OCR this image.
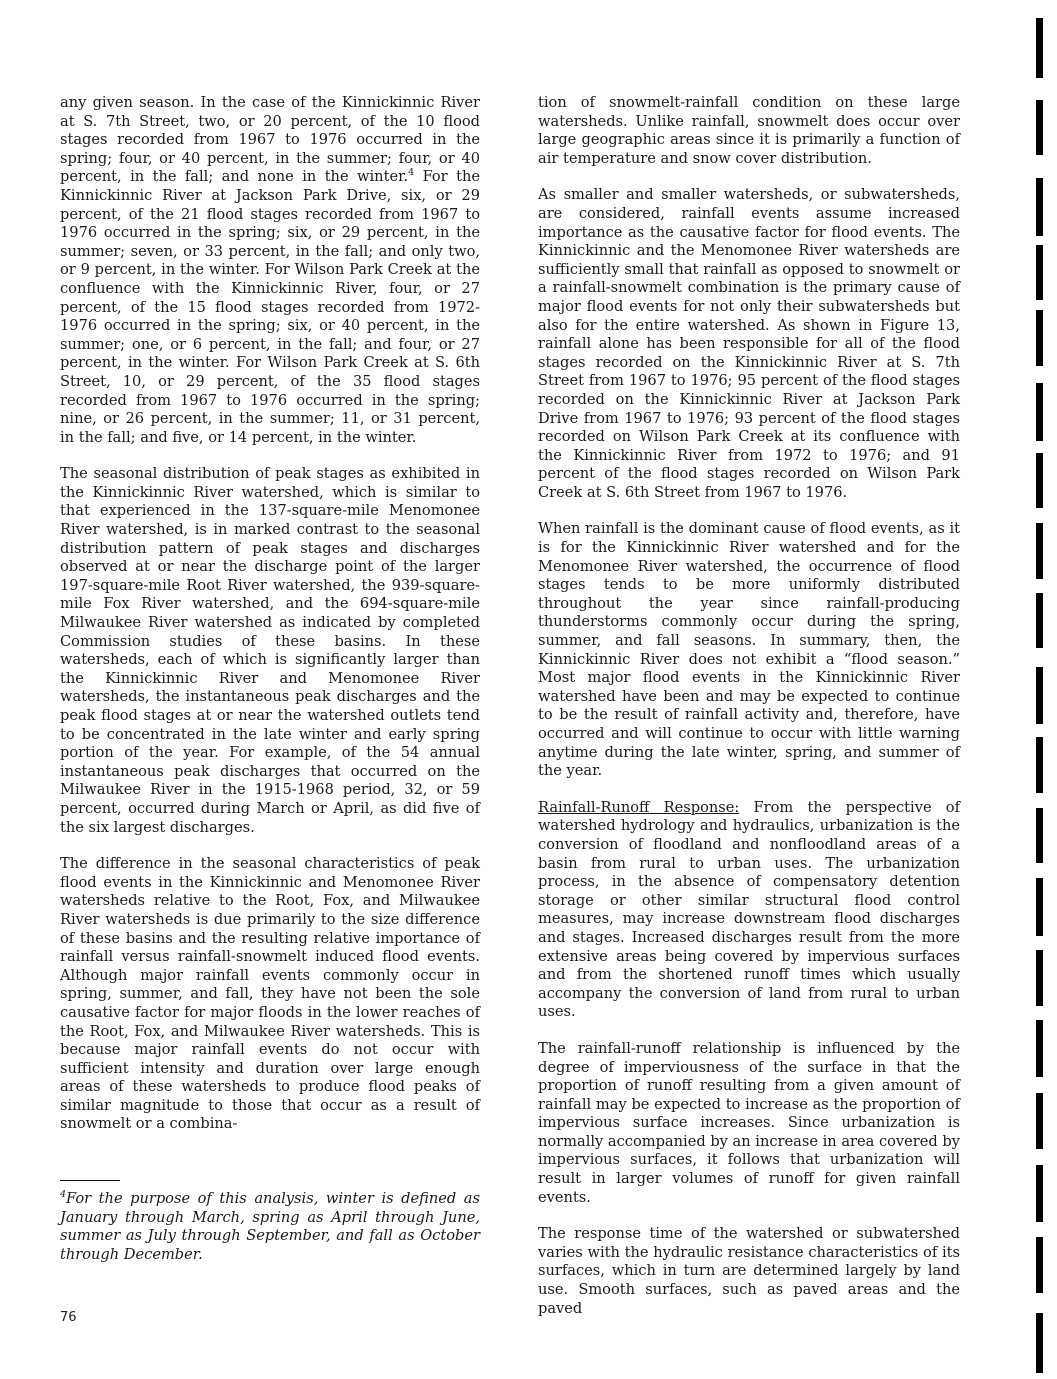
any given season. In the case of the Kinnickinnic River at S. 7th Street, two, or 20 percent, of the 10 flood stages recorded from 1967 to 1976 occurred in the spring; four, or 40 percent, in the summer; four, or 40 percent, in the fall; and none in the winter.$^4$ For the Kinnickinnic River at Jackson Park Drive, six, or 29 percent, of the 21 flood stages recorded from 1967 to 1976 occurred in the spring; six, or 29 percent, in the summer; seven, or 33 percent, in the fall; and only two, or 9 percent, in the winter. For Wilson Park Creek at the confluence with the Kinnickinnic River, four, or 27 percent, of the 15 flood stages recorded from 1972-1976 occurred in the spring; six, or 40 percent, in the summer; one, or 6 percent, in the fall; and four, or 27 percent, in the winter. For Wilson Park Creek at S. 6th Street, 10, or 29 percent, of the 35 flood stages recorded from 1967 to 1976 occurred in the spring; nine, or 26 percent, in the summer; 11, or 31 percent, in the fall; and five, or 14 percent, in the winter.

The seasonal distribution of peak stages as exhibited in the Kinnickinnic River watershed, which is similar to that experienced in the 137-square-mile Menomonee River watershed, is in marked contrast to the seasonal distribution pattern of peak stages and discharges observed at or near the discharge point of the larger 197-square-mile Root River watershed, the 939-square-mile Fox River watershed, and the 694-square-mile Milwaukee River watershed as indicated by completed Commission studies of these basins. In these watersheds, each of which is significantly larger than the Kinnickinnic River and Menomonee River watersheds, the instantaneous peak discharges and the peak flood stages at or near the watershed outlets tend to be concentrated in the late winter and early spring portion of the year. For example, of the 54 annual instantaneous peak discharges that occurred on the Milwaukee River in the 1915-1968 period, 32, or 59 percent, occurred during March or April, as did five of the six largest discharges.

The difference in the seasonal characteristics of peak flood events in the Kinnickinnic and Menomonee River watersheds relative to the Root, Fox, and Milwaukee River watersheds is due primarily to the size difference of these basins and the resulting relative importance of rainfall versus rainfall-snowmelt induced flood events. Although major rainfall events commonly occur in spring, summer, and fall, they have not been the sole causative factor for major floods in the lower reaches of the Root, Fox, and Milwaukee River watersheds. This is because major rainfall events do not occur with sufficient intensity and duration over large enough areas of these watersheds to produce flood peaks of similar magnitude to those that occur as a result of snowmelt or a combina-

tion of snowmelt-rainfall condition on these large watersheds. Unlike rainfall, snowmelt does occur over large geographic areas since it is primarily a function of air temperature and snow cover distribution.

As smaller and smaller watersheds, or subwatersheds, are considered, rainfall events assume increased importance as the causative factor for flood events. The Kinnickinnic and the Menomonee River watersheds are sufficiently small that rainfall as opposed to snowmelt or a rainfall-snowmelt combination is the primary cause of major flood events for not only their subwatersheds but also for the entire watershed. As shown in Figure 13, rainfall alone has been responsible for all of the flood stages recorded on the Kinnickinnic River at S. 7th Street from 1967 to 1976; 95 percent of the flood stages recorded on the Kinnickinnic River at Jackson Park Drive from 1967 to 1976; 93 percent of the flood stages recorded on Wilson Park Creek at its confluence with the Kinnickinnic River from 1972 to 1976; and 91 percent of the flood stages recorded on Wilson Park Creek at S. 6th Street from 1967 to 1976.

When rainfall is the dominant cause of flood events, as it is for the Kinnickinnic River watershed and for the Menomonee River watershed, the occurrence of flood stages tends to be more uniformly distributed throughout the year since rainfall-producing thunderstorms commonly occur during the spring, summer, and fall seasons. In summary, then, the Kinnickinnic River does not exhibit a “flood season.” Most major flood events in the Kinnickinnic River watershed have been and may be expected to continue to be the result of rainfall activity and, therefore, have occurred and will continue to occur with little warning anytime during the late winter, spring, and summer of the year.

Rainfall-Runoff Response: From the perspective of watershed hydrology and hydraulics, urbanization is the conversion of floodland and nonfloodland areas of a basin from rural to urban uses. The urbanization process, in the absence of compensatory detention storage or other similar structural flood control measures, may increase downstream flood discharges and stages. Increased discharges result from the more extensive areas being covered by impervious surfaces and from the shortened runoff times which usually accompany the conversion of land from rural to urban uses.

The rainfall-runoff relationship is influenced by the degree of imperviousness of the surface in that the proportion of runoff resulting from a given amount of rainfall may be expected to increase as the proportion of impervious surface increases. Since urbanization is normally accompanied by an increase in area covered by impervious surfaces, it follows that urbanization will result in larger volumes of runoff for given rainfall events.

The response time of the watershed or subwatershed varies with the hydraulic resistance characteristics of its surfaces, which in turn are determined largely by land use. Smooth surfaces, such as paved areas and the paved

$^4$For the purpose of this analysis, winter is defined as January through March, spring as April through June, summer as July through September, and fall as October through December.

76
